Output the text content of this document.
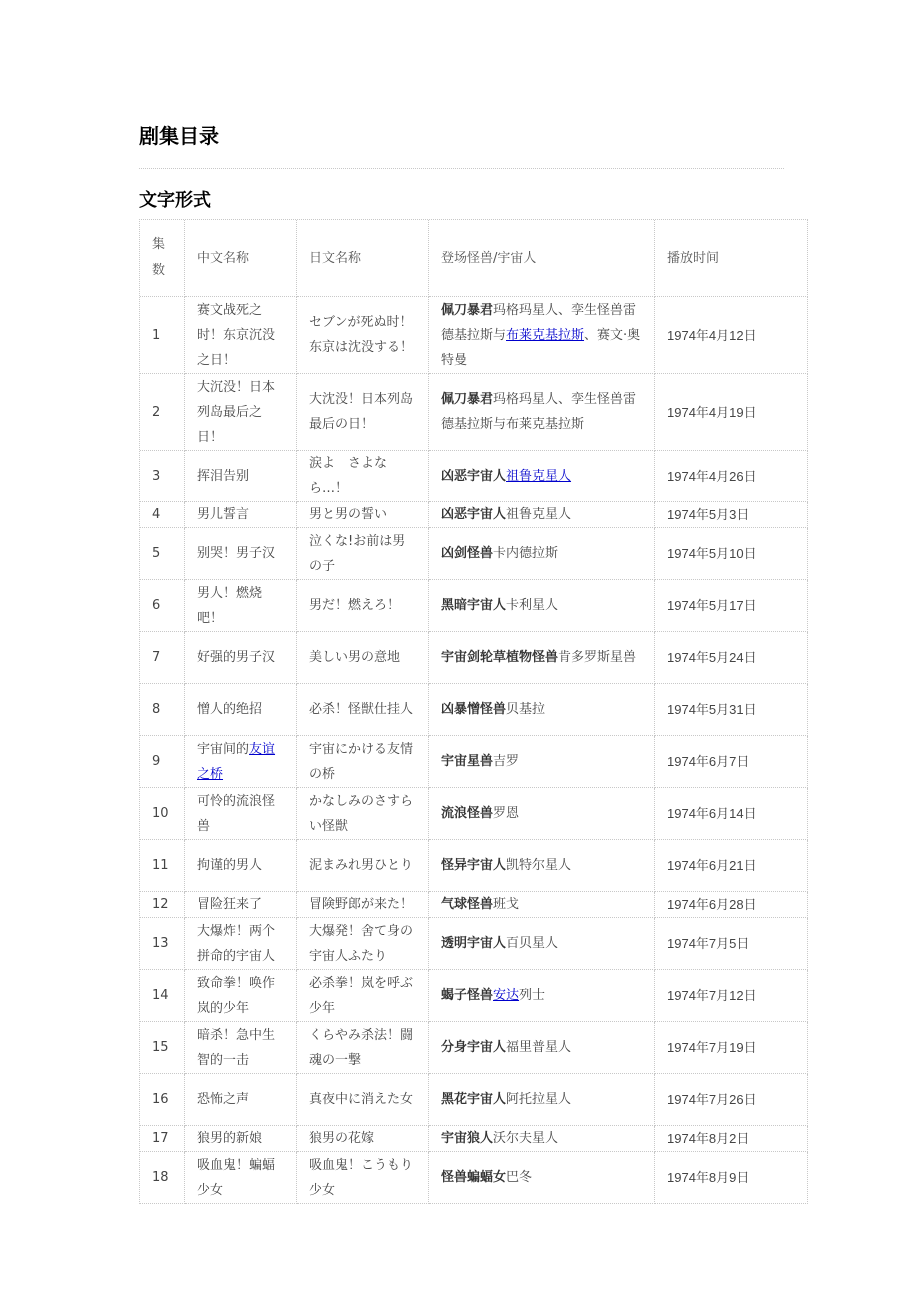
剧集目录
文字形式
集数	中文名称	日文名称	登场怪兽/宇宙人	播放时间
1	赛文战死之时！东京沉没之日！	セブンが死ぬ时！东京は沈没する！	佩刀暴君玛格玛星人、孪生怪兽雷德基拉斯与布莱克基拉斯、赛文·奥特曼	1974年4月12日
2	大沉没！日本列岛最后之日！	大沈没！日本列岛最后の日！	佩刀暴君玛格玛星人、孪生怪兽雷德基拉斯与布莱克基拉斯	1974年4月19日
3	挥泪告别	涙よ　さよなら…！	凶恶宇宙人祖鲁克星人	1974年4月26日
4	男儿誓言	男と男の誓い	凶恶宇宙人祖鲁克星人	1974年5月3日
5	别哭！男子汉	泣くな!お前は男の子	凶剑怪兽卡内德拉斯	1974年5月10日
6	男人！燃烧吧！	男だ！燃えろ！	黑暗宇宙人卡利星人	1974年5月17日
7	好强的男子汉	美しい男の意地	宇宙剑轮草植物怪兽肯多罗斯星兽	1974年5月24日
8	憎人的绝招	必杀！怪獣仕挂人	凶暴憎怪兽贝基拉	1974年5月31日
9	宇宙间的友谊之桥	宇宙にかける友情の桥	宇宙星兽吉罗	1974年6月7日
10	可怜的流浪怪兽	かなしみのさすらい怪獣	流浪怪兽罗恩	1974年6月14日
11	拘谨的男人	泥まみれ男ひとり	怪异宇宙人凯特尔星人	1974年6月21日
12	冒险狂来了	冒険野郎が来た！	气球怪兽班戈	1974年6月28日
13	大爆炸！两个拼命的宇宙人	大爆発！舍て身の宇宙人ふたり	透明宇宙人百贝星人	1974年7月5日
14	致命拳！唤作岚的少年	必杀拳！岚を呼ぶ少年	蝎子怪兽安达列士	1974年7月12日
15	暗杀！急中生智的一击	くらやみ杀法！闘魂の一撃	分身宇宙人福里普星人	1974年7月19日
16	恐怖之声	真夜中に消えた女	黑花宇宙人阿托拉星人	1974年7月26日
17	狼男的新娘	狼男の花嫁	宇宙狼人沃尔夫星人	1974年8月2日
18	吸血鬼！蝙蝠少女	吸血鬼！こうもり少女	怪兽蝙蝠女巴冬	1974年8月9日
